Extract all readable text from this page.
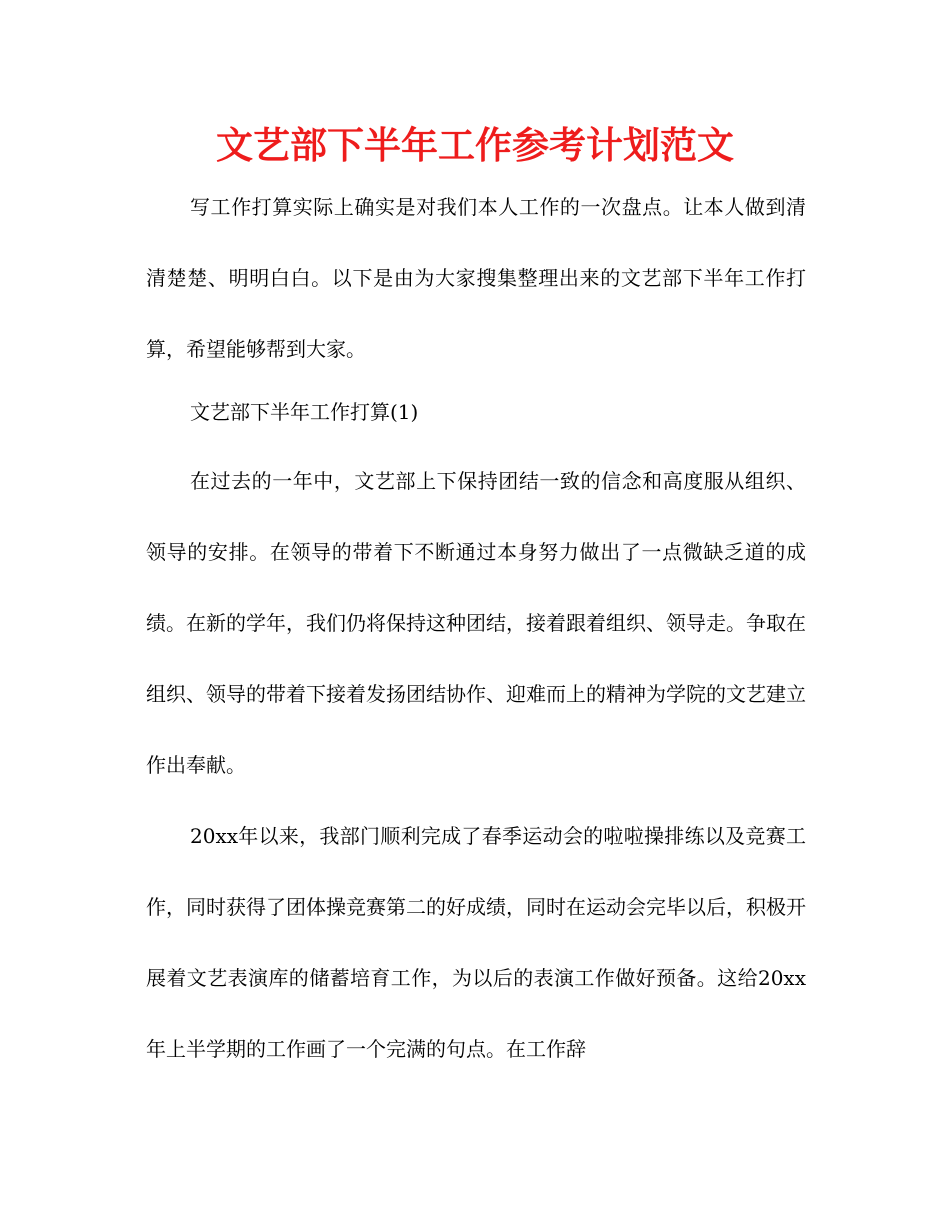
文艺部下半年工作参考计划范文

写工作打算实际上确实是对我们本人工作的一次盘点。让本人做到清清楚楚、明明白白。以下是由为大家搜集整理出来的文艺部下半年工作打算，希望能够帮到大家。

文艺部下半年工作打算(1)

在过去的一年中，文艺部上下保持团结一致的信念和高度服从组织、领导的安排。在领导的带着下不断通过本身努力做出了一点微缺乏道的成绩。在新的学年，我们仍将保持这种团结，接着跟着组织、领导走。争取在组织、领导的带着下接着发扬团结协作、迎难而上的精神为学院的文艺建立作出奉献。

20xx年以来，我部门顺利完成了春季运动会的啦啦操排练以及竞赛工作，同时获得了团体操竞赛第二的好成绩，同时在运动会完毕以后，积极开展着文艺表演库的储蓄培育工作，为以后的表演工作做好预备。这给20xx年上半学期的工作画了一个完满的句点。在工作辞
